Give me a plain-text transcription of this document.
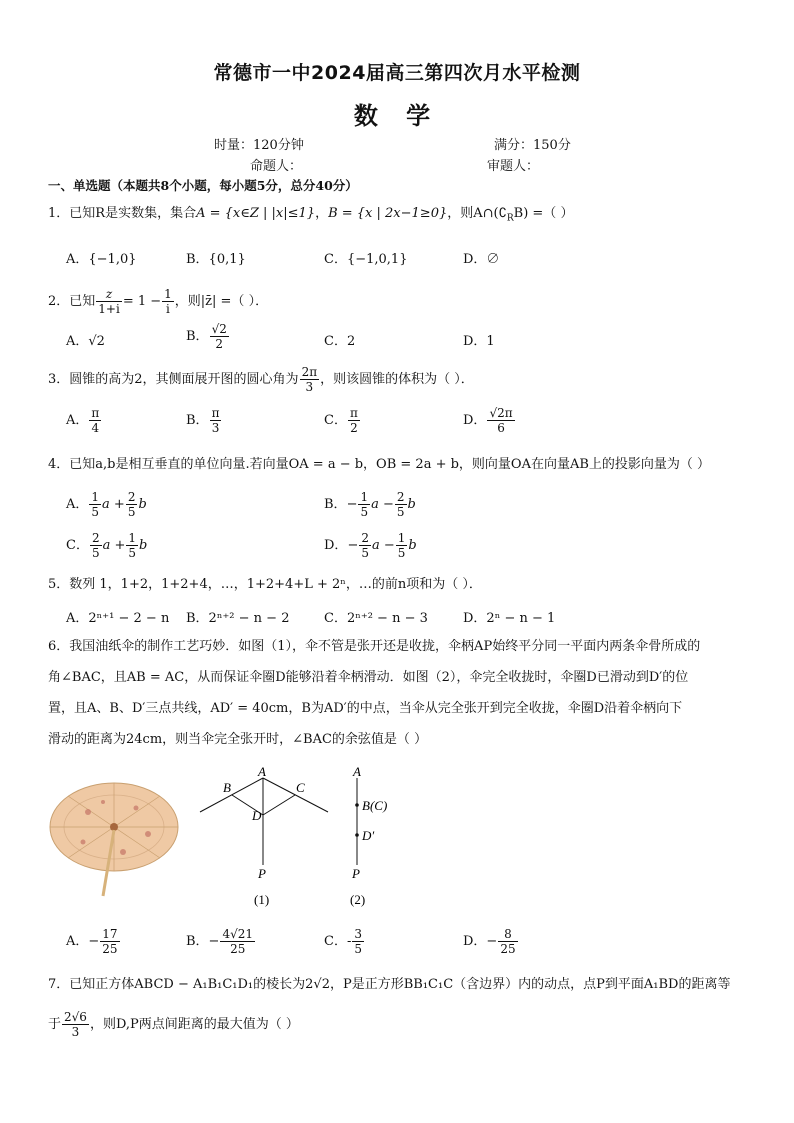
常德市一中2024届高三第四次月水平检测
数 学
时量：120分钟	满分：150分
命题人：	审题人：
一、单选题（本题共8个小题，每小题5分，总分40分）
1．已知R是实数集，集合A = {x∈Z | |x|≤1}，B = {x | 2x−1≥0}，则$A\cap(∁_RB)$ =（ ）
A．{−1,0}	B．{0,1}	C．{−1,0,1}	D．∅
2．已知 $\frac{z}{1+i} = 1 - \frac{1}{i}$ ，则|z̄| =（ ）．
A．√2	B． $\frac{√2}{2}$	C．2	D．1
3．圆锥的高为2，其侧面展开图的圆心角为 $\frac{2\pi}{3}$ ，则该圆锥的体积为（ ）．
A． $\frac{\pi}{4}$	B． $\frac{\pi}{3}$	C． $\frac{\pi}{2}$	D． $\frac{√2\pi}{6}$
4．已知a,b是相互垂直的单位向量.若向量OA = a − b，OB = 2a + b，则向量OA在向量AB上的投影向量为（ ）
A． $\frac{1}{5}$ $a + \frac{2}{5}$ b	B．− $\frac{1}{5}$ $a - \frac{2}{5}$ b
C． $\frac{2}{5}$ $a + \frac{1}{5}$ b	D．− $\frac{2}{5}$ $a - \frac{1}{5}$ b
5．数列 1，1+2，1+2+4，…，1+2+4+L + 2ⁿ，…的前n项和为（ ）．
A．2ⁿ⁺¹ − 2 − n B．2ⁿ⁺² − n − 2	C．2ⁿ⁺² − n − 3	D．2ⁿ − n − 1
6．我国油纸伞的制作工艺巧妙．如图（1），伞不管是张开还是收拢，伞柄AP始终平分同一平面内两条伞骨所成的
角∠BAC，且AB = AC，从而保证伞圈D能够沿着伞柄滑动．如图（2），伞完全收拢时，伞圈D已滑动到D′的位
置，且A、B、D′三点共线，AD′ = 40cm，B为AD′的中点，当伞从完全张开到完全收拢，伞圈D沿着伞柄向下
滑动的距离为24cm，则当伞完全张开时，∠BAC的余弦值是（ ）
A
B	C
D
P
(1)
A
B(C)
D′
P
(2)
A．− $\frac{17}{25}$	B．− $\frac{4√21}{25}$	C．- $\frac{3}{5}$	D．− $\frac{8}{25}$
7．已知正方体ABCD − A₁B₁C₁D₁的棱长为2√2，P是正方形BB₁C₁C（含边界）内的动点，点P到平面A₁BD的距离等
于 $\frac{2√6}{3}$ ，则D,P两点间距离的最大值为（ ）
